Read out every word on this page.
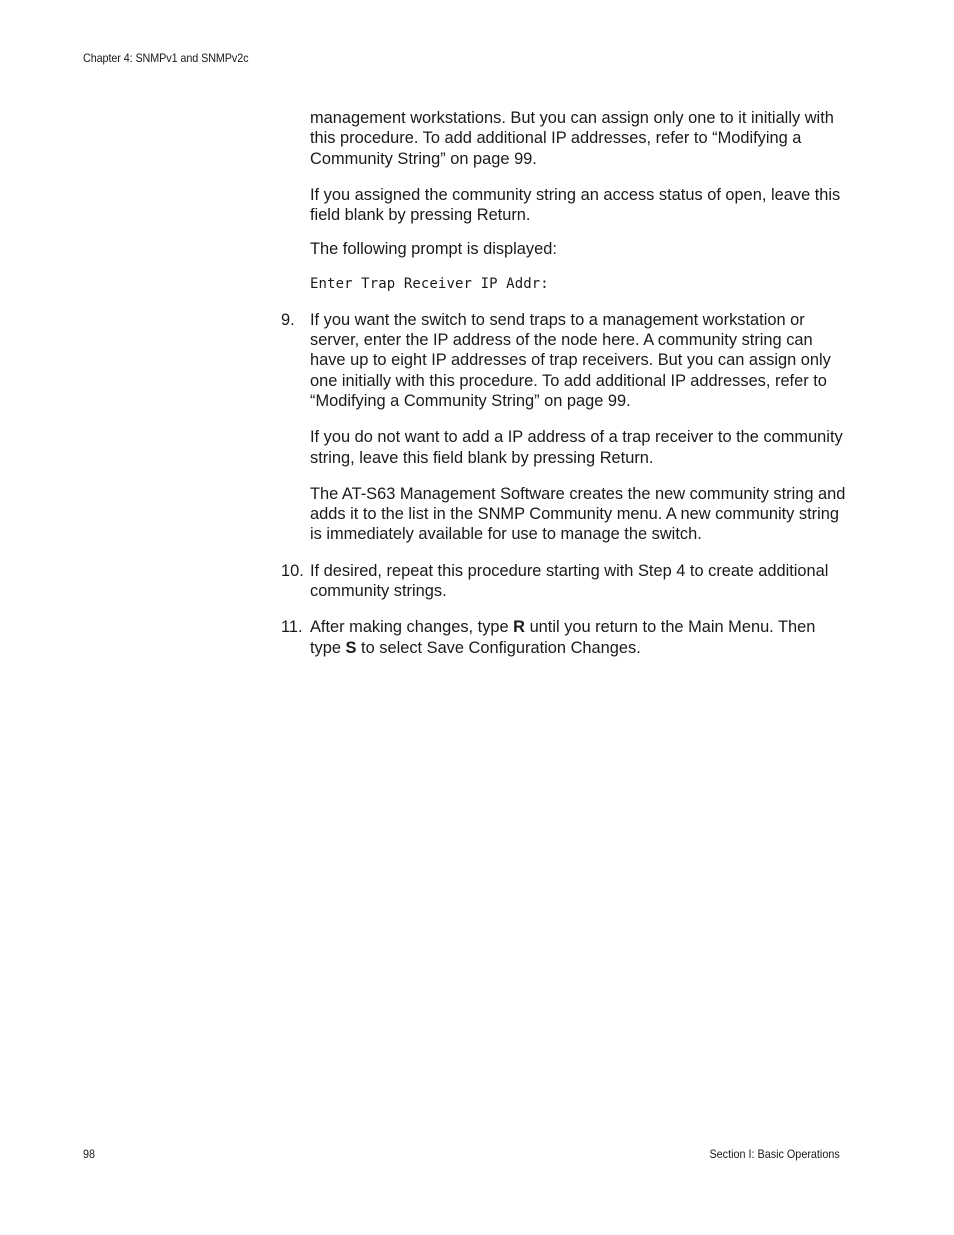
Chapter 4: SNMPv1 and SNMPv2c

management workstations. But you can assign only one to it initially with this procedure. To add additional IP addresses, refer to “Modifying a Community String” on page 99.

If you assigned the community string an access status of open, leave this field blank by pressing Return.

The following prompt is displayed:

Enter Trap Receiver IP Addr:
9. If you want the switch to send traps to a management workstation or server, enter the IP address of the node here. A community string can have up to eight IP addresses of trap receivers. But you can assign only one initially with this procedure. To add additional IP addresses, refer to “Modifying a Community String” on page 99.

If you do not want to add a IP address of a trap receiver to the community string, leave this field blank by pressing Return.

The AT-S63 Management Software creates the new community string and adds it to the list in the SNMP Community menu. A new community string is immediately available for use to manage the switch.

10. If desired, repeat this procedure starting with Step 4 to create additional community strings.

11. After making changes, type R until you return to the Main Menu. Then type S to select Save Configuration Changes.

98	Section I: Basic Operations
